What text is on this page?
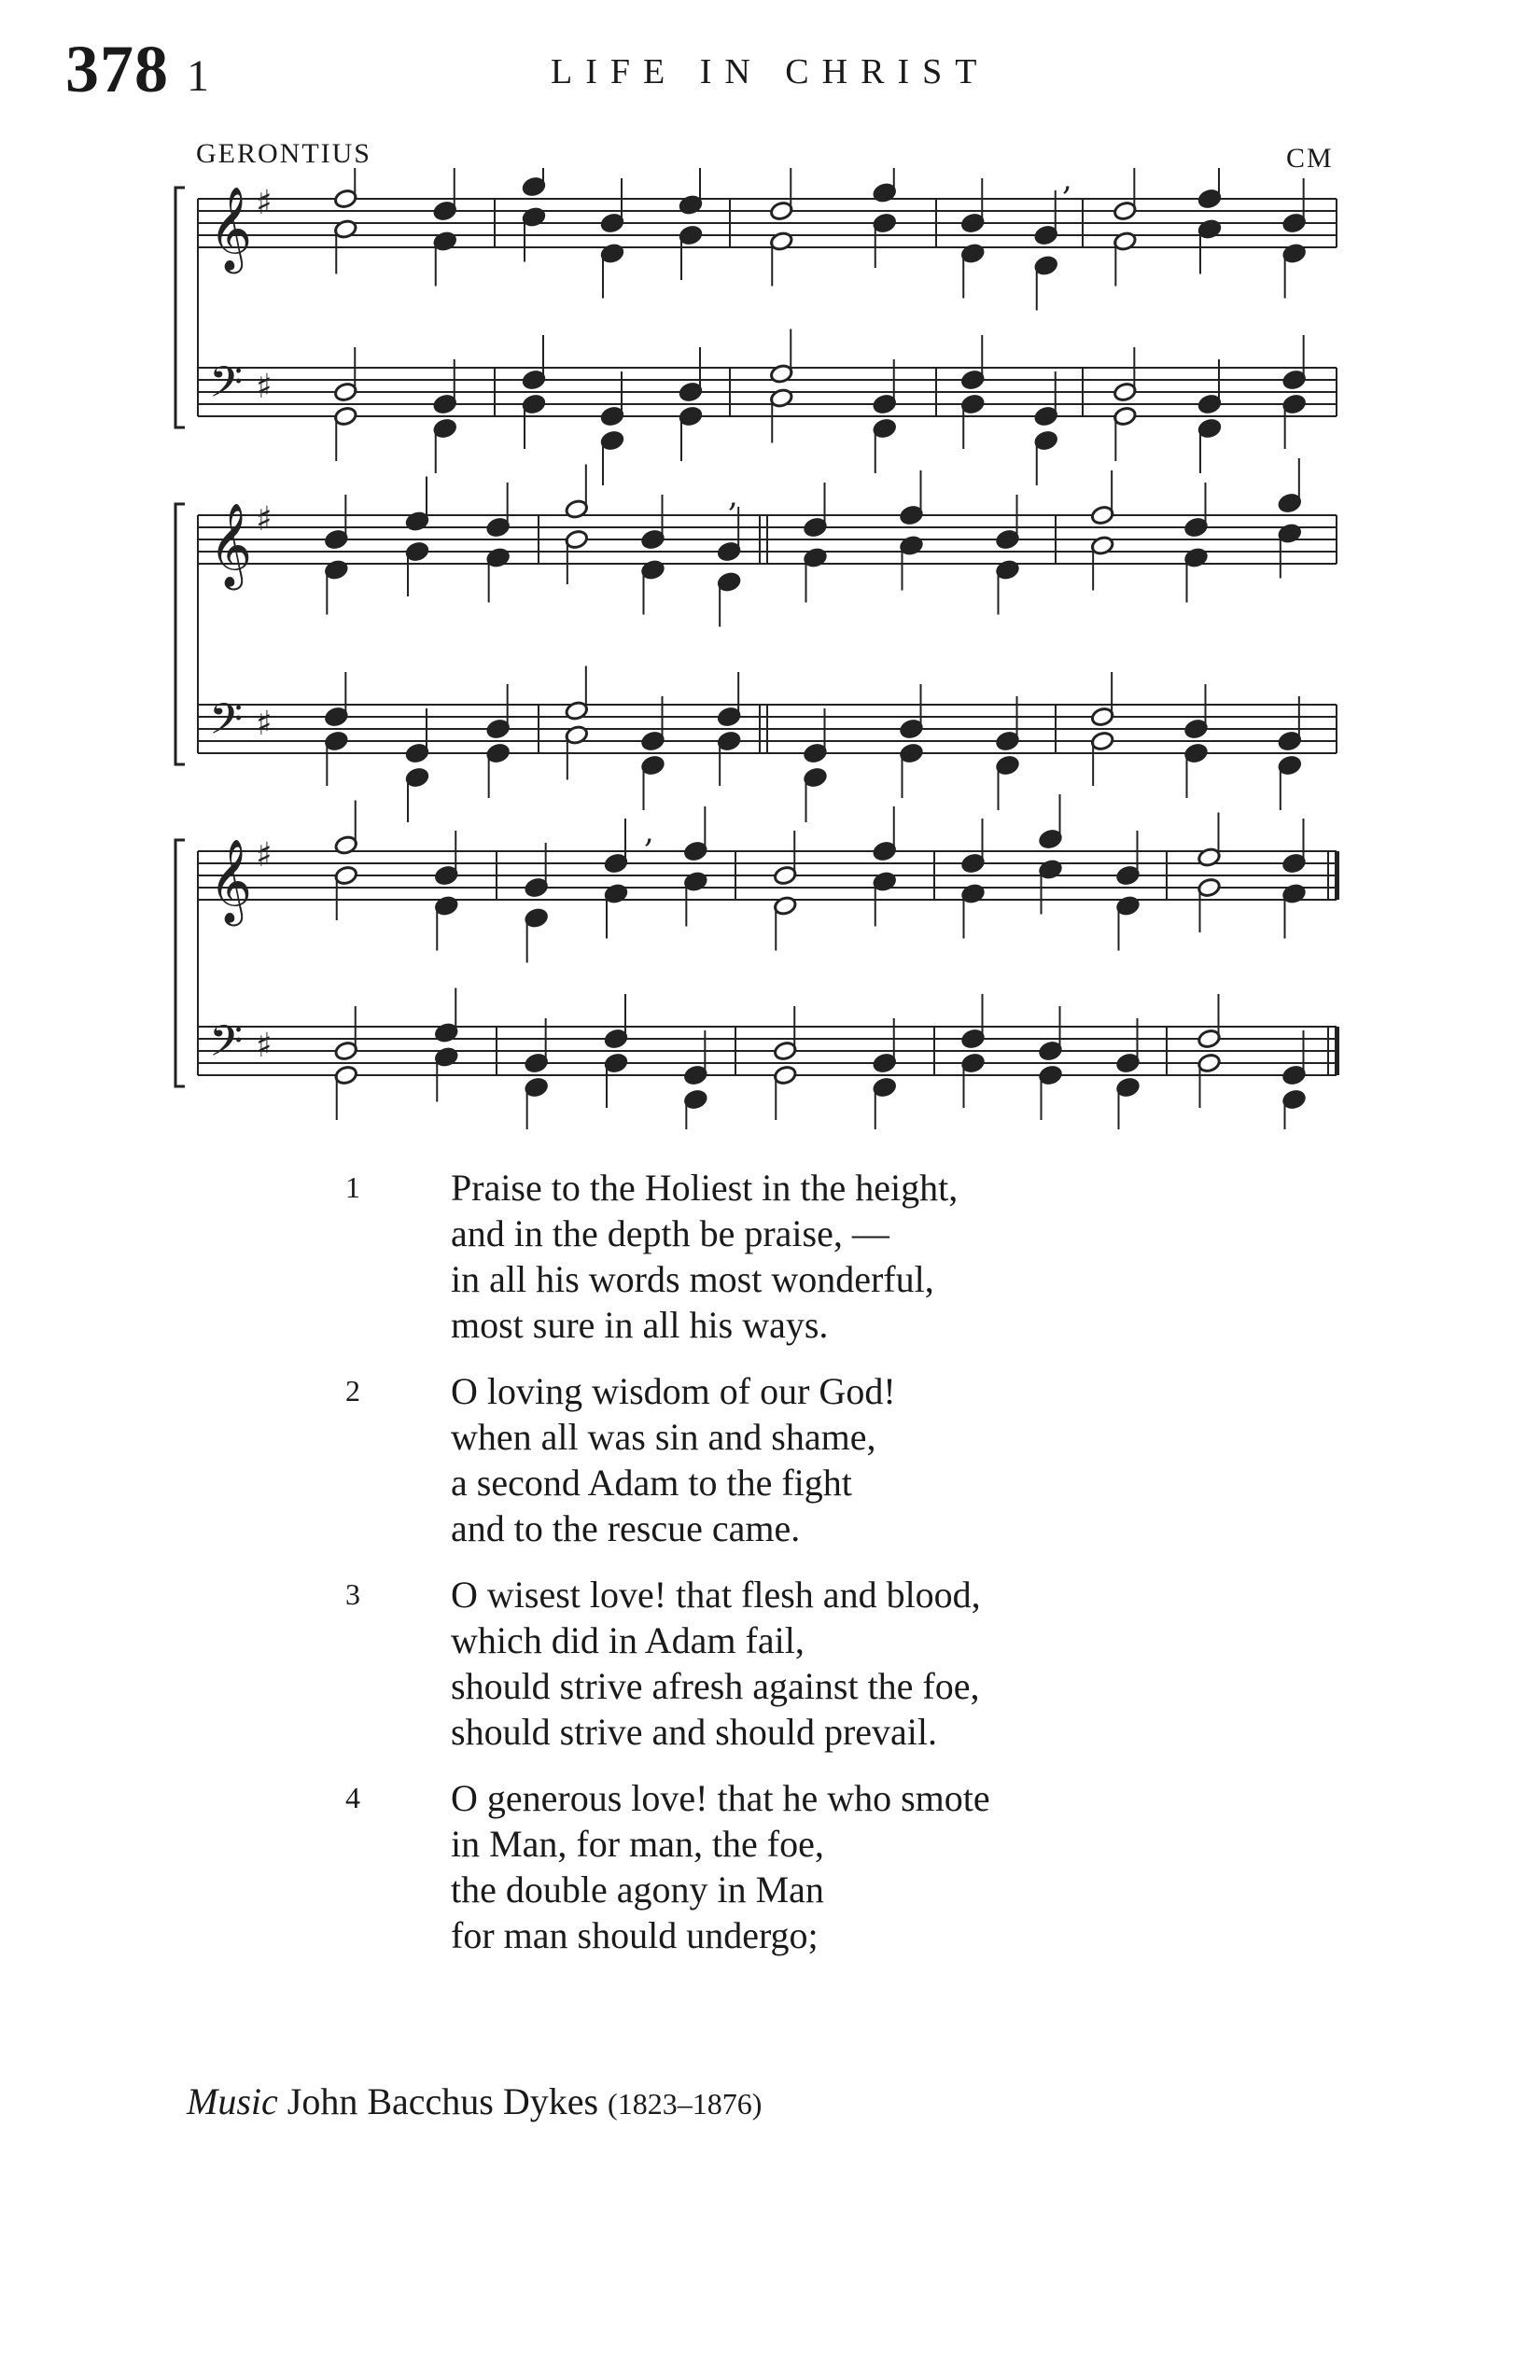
378 1	LIFE IN CHRIST
GERONTIUS	CM
𝄞 ♯
𝄢 ♯
,
𝄞 ♯
𝄢 ♯
,
𝄞 ♯
𝄢 ♯
,
1 Praise to the Holiest in the height,
and in the depth be praise, —
in all his words most wonderful,
most sure in all his ways.
2 O loving wisdom of our God!
when all was sin and shame,
a second Adam to the fight
and to the rescue came.
3 O wisest love! that flesh and blood,
which did in Adam fail,
should strive afresh against the foe,
should strive and should prevail.
4 O generous love! that he who smote
in Man, for man, the foe,
the double agony in Man
for man should undergo;
Music John Bacchus Dykes (1823–1876)
